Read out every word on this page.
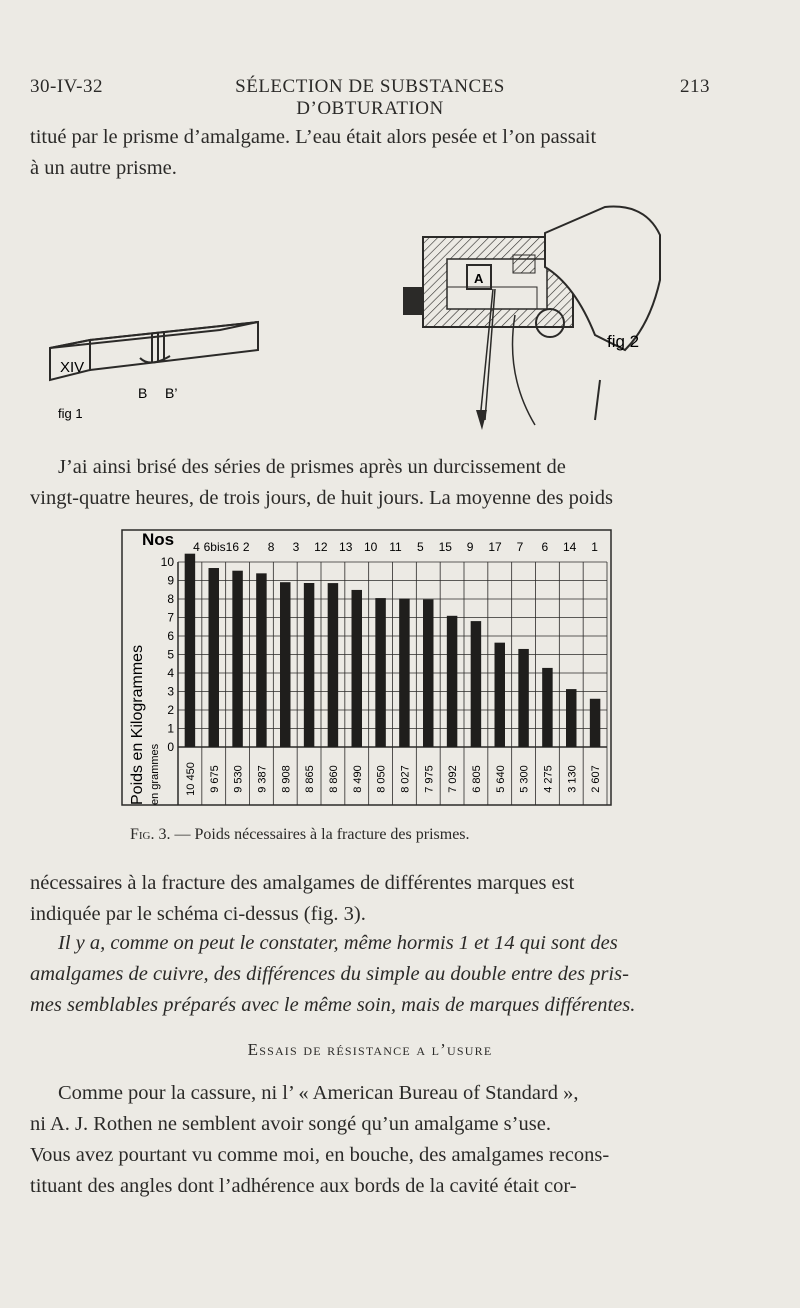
30-IV-32	SÉLECTION DE SUBSTANCES D’OBTURATION
213
titué par le prisme d’amalgame. L’eau était alors pesée et l’on passait
à un autre prisme.
XIV
B B’
fig 1
A
fig 2
J’ai ainsi brisé des séries de prismes après un durcissement de
vingt-quatre heures, de trois jours, de huit jours. La moyenne des poids
0
1
2
3
4
5
6
7
8
9
10
4 6bis16 2 8 3 12 13 10 11 5 15 9 17 7 6 14 1
10 450 9 675 9 530 9 387 8 908 8 865 8 860 8 490 8 050 8 027 7 975 7 092 6 805 5 640 5 300 4 275 3 130 2 607
Nos
Poids en Kilogrammes en grammes
Fig. 3. — Poids nécessaires à la fracture des prismes.
nécessaires à la fracture des amalgames de différentes marques est
indiquée par le schéma ci-dessus (fig. 3).
Il y a, comme on peut le constater, même hormis 1 et 14 qui sont des
amalgames de cuivre, des différences du simple au double entre des pris-
mes semblables préparés avec le même soin, mais de marques différentes.
Essais de résistance a l’usure
Comme pour la cassure, ni l’ « American Bureau of Standard »,
ni A. J. Rothen ne semblent avoir songé qu’un amalgame s’use.
Vous avez pourtant vu comme moi, en bouche, des amalgames recons-
tituant des angles dont l’adhérence aux bords de la cavité était cor-
